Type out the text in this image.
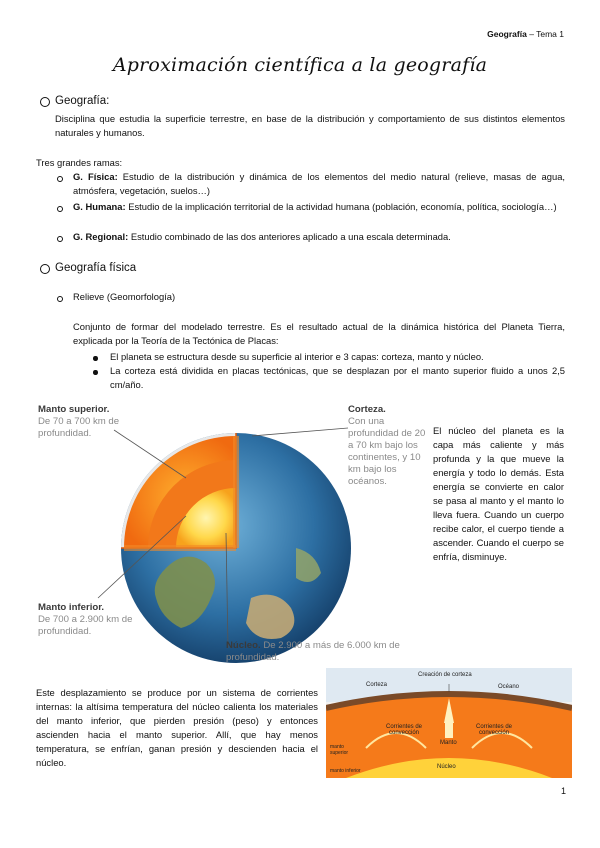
Geografía – Tema 1
Aproximación científica a la geografía
Geografía:
Disciplina que estudia la superficie terrestre, en base de la distribución y comportamiento de sus distintos elementos naturales y humanos.
Tres grandes ramas:
G. Física: Estudio de la distribución y dinámica de los elementos del medio natural (relieve, masas de agua, atmósfera, vegetación, suelos…)
G. Humana: Estudio de la implicación territorial de la actividad humana (población, economía, política, sociología…)
G. Regional: Estudio combinado de las dos anteriores aplicado a una escala determinada.
Geografía física
Relieve (Geomorfología)
Conjunto de formar del modelado terrestre. Es el resultado actual de la dinámica histórica del Planeta Tierra, explicada por la Teoría de la Tectónica de Placas:
El planeta se estructura desde su superficie al interior e 3 capas: corteza, manto y núcleo.
La corteza está dividida en placas tectónicas, que se desplazan por el manto superior fluido a unos 2,5 cm/año.
Manto superior.
De 70 a 700 km de profundidad.
Corteza.
Con una profundidad de 20 a 70 km bajo los continentes, y 10 km bajo los océanos.
Manto inferior.
De 700 a 2.900 km de profundidad.
Núcleo. De 2.900 a más de 6.000 km de profundidad.
El núcleo del planeta es la capa más caliente y más profunda y la que mueve la energía y todo lo demás. Esta energía se convierte en calor se pasa al manto y el manto lo lleva fuera. Cuando un cuerpo recibe calor, el cuerpo tiende a ascender. Cuando el cuerpo se enfría, disminuye.
Este desplazamiento se produce por un sistema de corrientes internas: la altísima temperatura del núcleo calienta los materiales del manto inferior, que pierden presión (peso) y entonces ascienden hacia el manto superior. Allí, que hay menos temperatura, se enfrían, ganan presión y descienden hacia el núcleo.
Creación de corteza
Corteza	Océano
Corrientes de convección
Corrientes de convección
Manto
Núcleo
manto inferior
manto superior
1
